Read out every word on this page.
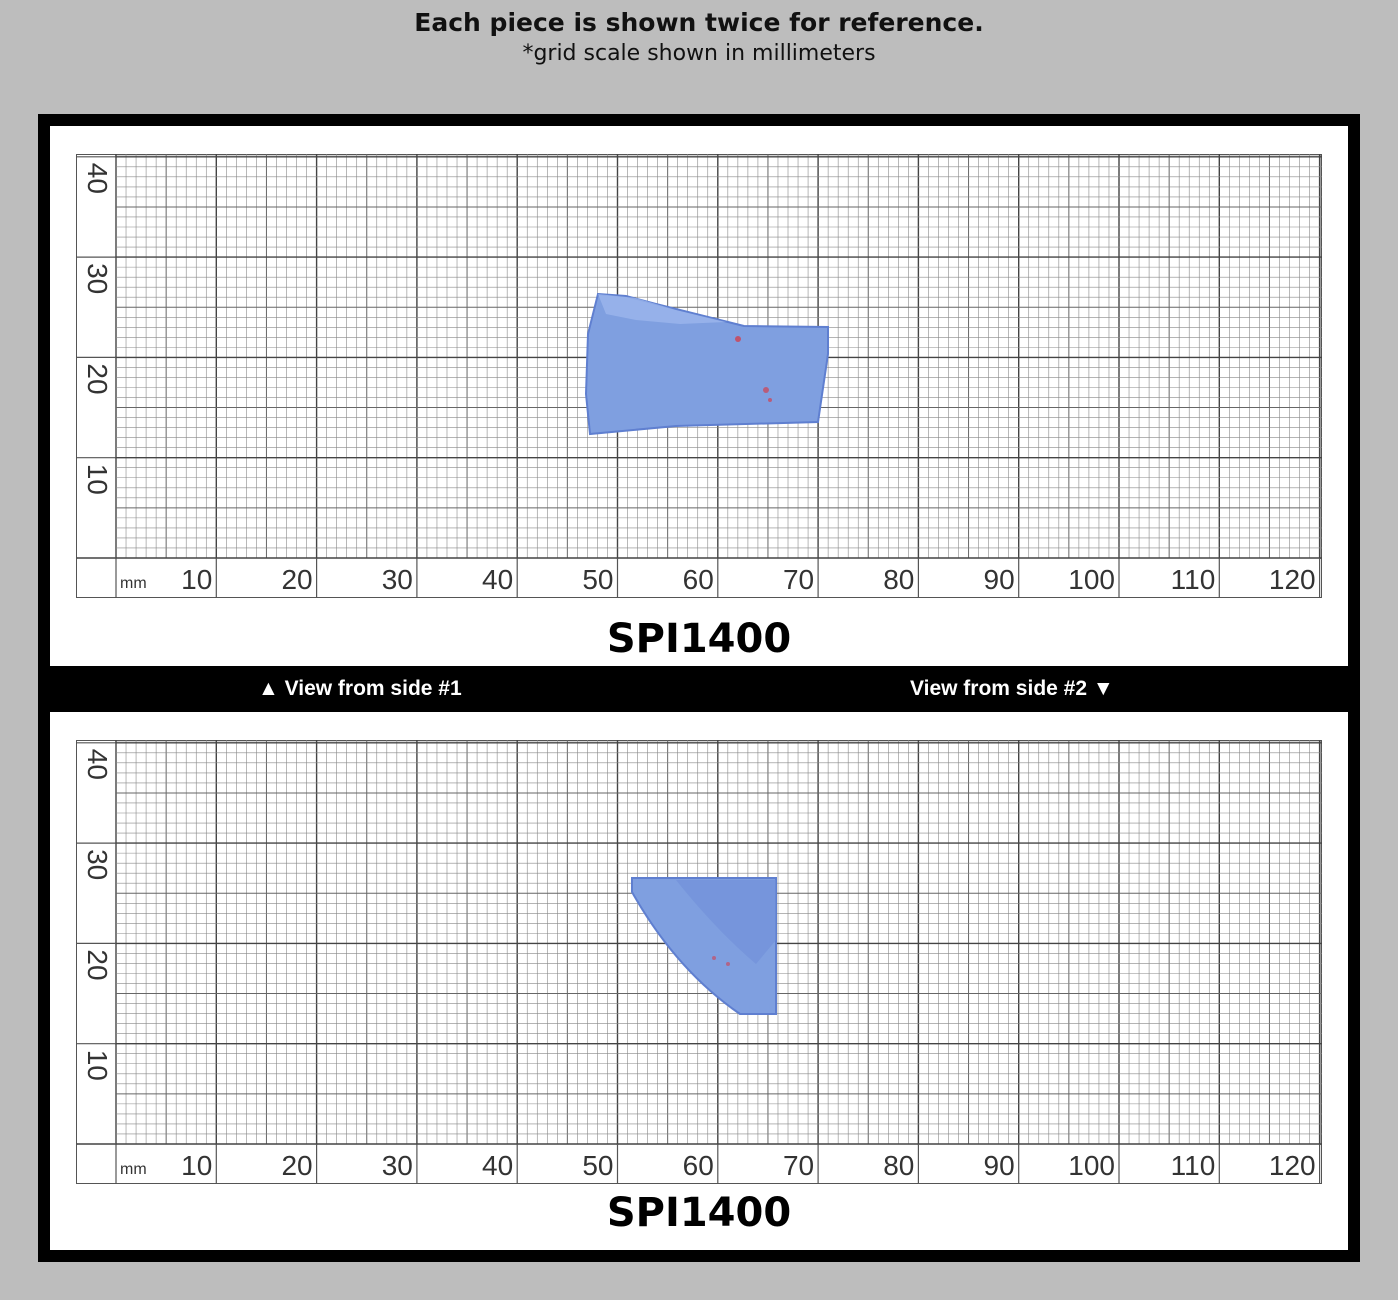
Each piece is shown twice for reference.
*grid scale shown in millimeters
mm 10 20 30 40 50 60 70 80 90 100 110 120
10
20
30
40
SPI1400
mm 10 20 30 40 50 60 70 80 90 100 110 120
10
20
30
40
SPI1400
▲ View from side #1	View from side #2 ▼
